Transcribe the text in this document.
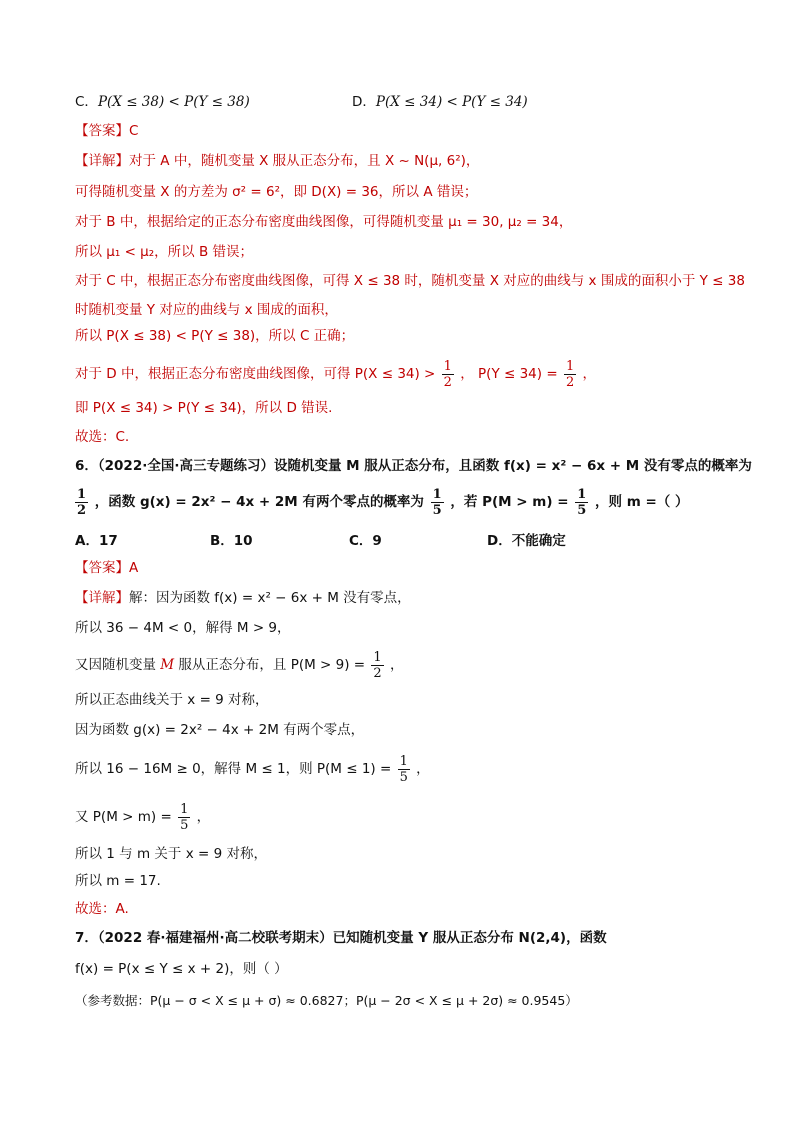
C．P(X ≤ 38) < P(Y ≤ 38)	D．P(X ≤ 34) < P(Y ≤ 34)
【答案】C
【详解】对于 A 中，随机变量 X 服从正态分布，且 X ~ N(μ, 6²)，
可得随机变量 X 的方差为 σ² = 6²，即 D(X) = 36，所以 A 错误；
对于 B 中，根据给定的正态分布密度曲线图像，可得随机变量 μ₁ = 30, μ₂ = 34，
所以 μ₁ < μ₂，所以 B 错误；
对于 C 中，根据正态分布密度曲线图像，可得 X ≤ 38 时，随机变量 X 对应的曲线与 x 围成的面积小于 Y ≤ 38
时随机变量 Y 对应的曲线与 x 围成的面积，
所以 P(X ≤ 38) < P(Y ≤ 38)，所以 C 正确；
对于 D 中，根据正态分布密度曲线图像，可得 $P(X \le 34) > \frac{1}{2}$ ， $P(Y \le 34) = \frac{1}{2}$ ，
即 P(X ≤ 34) > P(Y ≤ 34)，所以 D 错误.
故选：C.
6．（2022·全国·高三专题练习）设随机变量 M 服从正态分布，且函数 f(x) = x² − 6x + M 没有零点的概率为
$\frac{1}{2}$ ，函数 g(x) = 2x² − 4x + 2M 有两个零点的概率为 $\frac{1}{5}$ ，若 $P(M > m) = \frac{1}{5}$ ，则 m =（ ）
A．17	B．10	C．9	D．不能确定
【答案】A
【详解】解：因为函数 f(x) = x² − 6x + M 没有零点，
所以 36 − 4M < 0，解得 M > 9，
又因随机变量 M 服从正态分布，且 $P(M > 9) = \frac{1}{2}$ ，
所以正态曲线关于 x = 9 对称，
因为函数 g(x) = 2x² − 4x + 2M 有两个零点，
所以 16 − 16M ≥ 0，解得 M ≤ 1，则 $P(M \le 1) = \frac{1}{5}$ ，
又 $P(M > m) = \frac{1}{5}$ ，
所以 1 与 m 关于 x = 9 对称，
所以 m = 17.
故选：A.
7．（2022 春·福建福州·高二校联考期末）已知随机变量 Y 服从正态分布 N(2,4)，函数
f(x) = P(x ≤ Y ≤ x + 2)，则（ ）
（参考数据：P(μ − σ < X ≤ μ + σ) ≈ 0.6827；P(μ − 2σ < X ≤ μ + 2σ) ≈ 0.9545）
